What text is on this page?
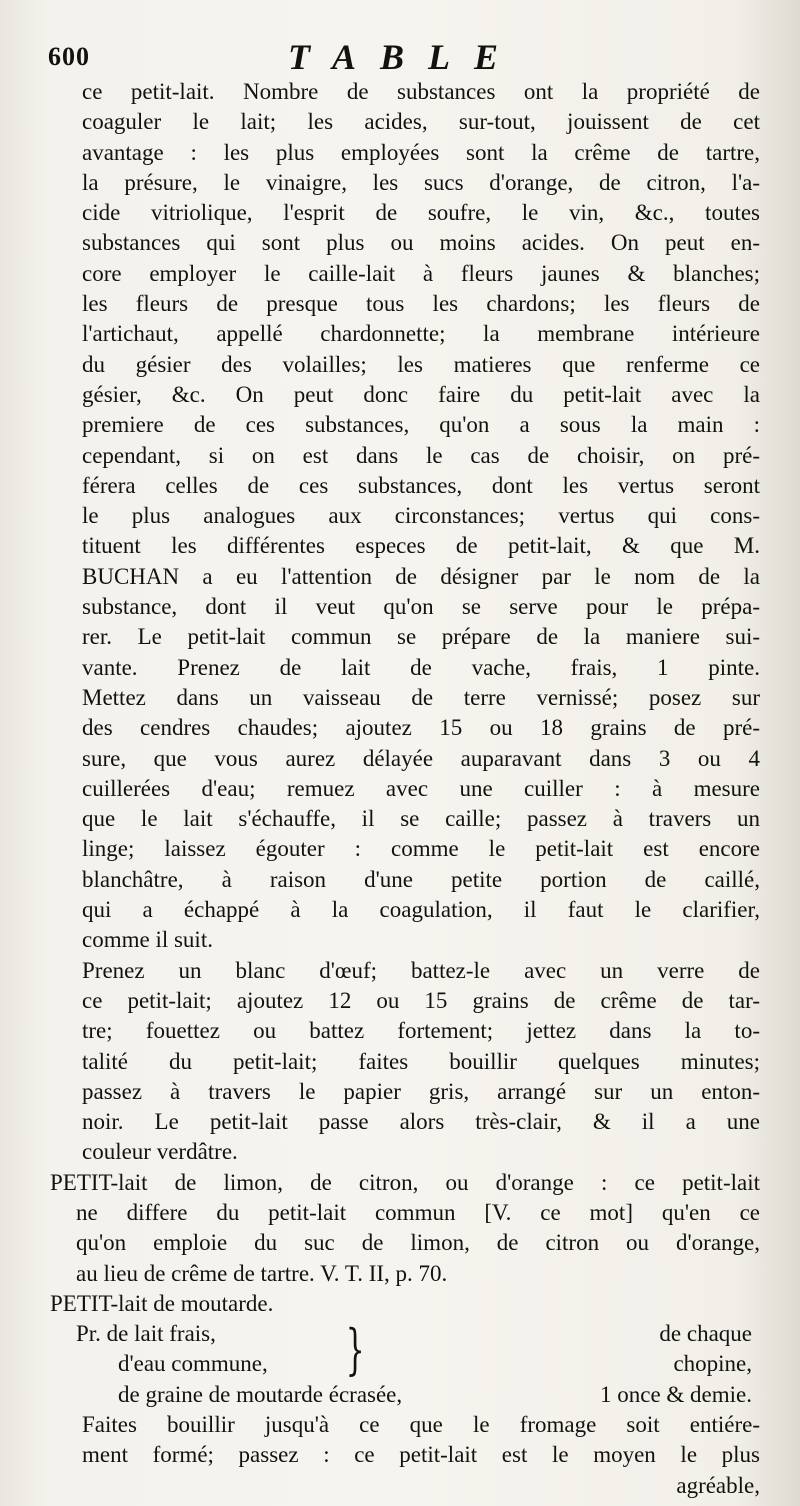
600	TABLE
ce petit-lait. Nombre de substances ont la propriété de
coaguler le lait; les acides, sur-tout, jouissent de cet
avantage : les plus employées sont la crême de tartre,
la présure, le vinaigre, les sucs d'orange, de citron, l'a-
cide vitriolique, l'esprit de soufre, le vin, &c., toutes
substances qui sont plus ou moins acides. On peut en-
core employer le caille-lait à fleurs jaunes & blanches;
les fleurs de presque tous les chardons; les fleurs de
l'artichaut, appellé chardonnette; la membrane intérieure
du gésier des volailles; les matieres que renferme ce
gésier, &c. On peut donc faire du petit-lait avec la
premiere de ces substances, qu'on a sous la main :
cependant, si on est dans le cas de choisir, on pré-
férera celles de ces substances, dont les vertus seront
le plus analogues aux circonstances; vertus qui cons-
tituent les différentes especes de petit-lait, & que M.
BUCHAN a eu l'attention de désigner par le nom de la
substance, dont il veut qu'on se serve pour le prépa-
rer. Le petit-lait commun se prépare de la maniere sui-
vante. Prenez de lait de vache, frais, 1 pinte.
Mettez dans un vaisseau de terre vernissé; posez sur
des cendres chaudes; ajoutez 15 ou 18 grains de pré-
sure, que vous aurez délayée auparavant dans 3 ou 4
cuillerées d'eau; remuez avec une cuiller : à mesure
que le lait s'échauffe, il se caille; passez à travers un
linge; laissez égouter : comme le petit-lait est encore
blanchâtre, à raison d'une petite portion de caillé,
qui a échappé à la coagulation, il faut le clarifier,
comme il suit.
Prenez un blanc d'œuf; battez-le avec un verre de
ce petit-lait; ajoutez 12 ou 15 grains de crême de tar-
tre; fouettez ou battez fortement; jettez dans la to-
talité du petit-lait; faites bouillir quelques minutes;
passez à travers le papier gris, arrangé sur un enton-
noir. Le petit-lait passe alors très-clair, & il a une
couleur verdâtre.
PETIT-lait de limon, de citron, ou d'orange : ce petit-lait
ne differe du petit-lait commun [V. ce mot] qu'en ce
qu'on emploie du suc de limon, de citron ou d'orange,
au lieu de crême de tartre. V. T. II, p. 70.
PETIT-lait de moutarde.
Pr. de lait frais, }	de chaque
d'eau commune,	chopine,
de graine de moutarde écrasée,	1 once & demie.
Faites bouillir jusqu'à ce que le fromage soit entiére-
ment formé; passez : ce petit-lait est le moyen le plus
agréable,
